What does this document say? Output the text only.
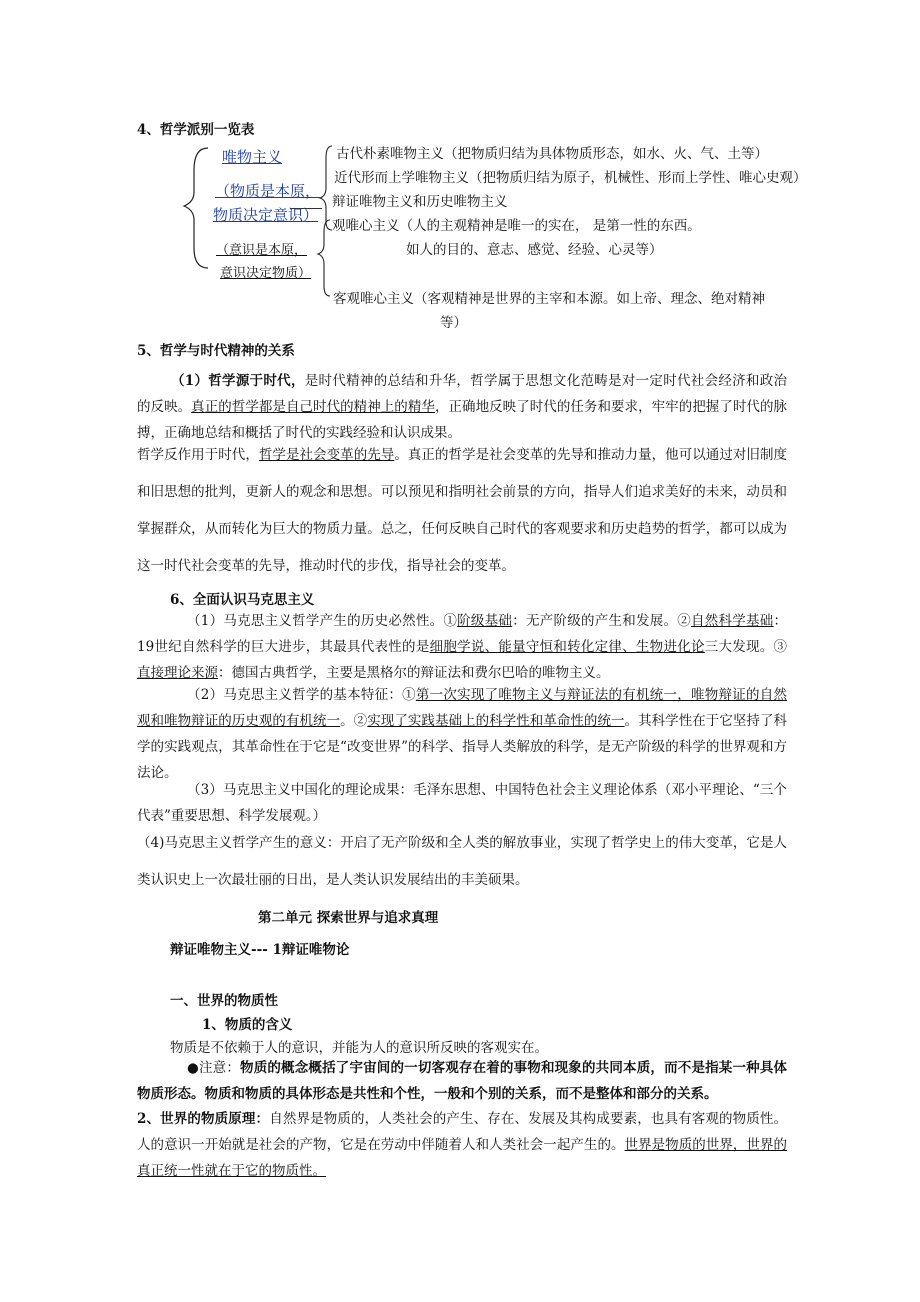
4、哲学派别一览表
唯物主义
（物质是本原，
物质决定意识）
（意识是本原，
意识决定物质）
古代朴素唯物主义（把物质归结为具体物质形态，如水、火、气、土等）
近代形而上学唯物主义（把物质归结为原子，机械性、形而上学性、唯心史观）
辩证唯物主义和历史唯物主义
观唯心主义（人的主观精神是唯一的实在， 是第一性的东西。
如人的目的、意志、感觉、经验、心灵等）
客观唯心主义（客观精神是世界的主宰和本源。如上帝、理念、绝对精神
等）
5、哲学与时代精神的关系
（1）哲学源于时代，是时代精神的总结和升华，哲学属于思想文化范畴是对一定时代社会经济和政治的反映。真正的哲学都是自己时代的精神上的精华，正确地反映了时代的任务和要求，牢牢的把握了时代的脉搏，正确地总结和概括了时代的实践经验和认识成果。
哲学反作用于时代，哲学是社会变革的先导。真正的哲学是社会变革的先导和推动力量，他可以通过对旧制度和旧思想的批判，更新人的观念和思想。可以预见和指明社会前景的方向，指导人们追求美好的未来，动员和掌握群众，从而转化为巨大的物质力量。总之，任何反映自己时代的客观要求和历史趋势的哲学，都可以成为这一时代社会变革的先导，推动时代的步伐，指导社会的变革。
6、全面认识马克思主义
（1）马克思主义哲学产生的历史必然性。①阶级基础：无产阶级的产生和发展。②自然科学基础：19世纪自然科学的巨大进步，其最具代表性的是细胞学说、能量守恒和转化定律、生物进化论三大发现。③直接理论来源：德国古典哲学，主要是黑格尔的辩证法和费尔巴哈的唯物主义。
（2）马克思主义哲学的基本特征：①第一次实现了唯物主义与辩证法的有机统一，唯物辩证的自然观和唯物辩证的历史观的有机统一。②实现了实践基础上的科学性和革命性的统一。其科学性在于它坚持了科学的实践观点，其革命性在于它是“改变世界”的科学、指导人类解放的科学，是无产阶级的科学的世界观和方法论。
（3）马克思主义中国化的理论成果：毛泽东思想、中国特色社会主义理论体系（邓小平理论、“三个代表”重要思想、科学发展观。）
（4)马克思主义哲学产生的意义：开启了无产阶级和全人类的解放事业，实现了哲学史上的伟大变革，它是人类认识史上一次最壮丽的日出，是人类认识发展结出的丰美硕果。
第二单元 探索世界与追求真理
辩证唯物主义--- 1辩证唯物论
一、世界的物质性
1、物质的含义
物质是不依赖于人的意识，并能为人的意识所反映的客观实在。
●注意：物质的概念概括了宇宙间的一切客观存在着的事物和现象的共同本质，而不是指某一种具体物质形态。物质和物质的具体形态是共性和个性，一般和个别的关系，而不是整体和部分的关系。
2、世界的物质原理：自然界是物质的，人类社会的产生、存在、发展及其构成要素，也具有客观的物质性。人的意识一开始就是社会的产物，它是在劳动中伴随着人和人类社会一起产生的。世界是物质的世界，世界的真正统一性就在于它的物质性。
